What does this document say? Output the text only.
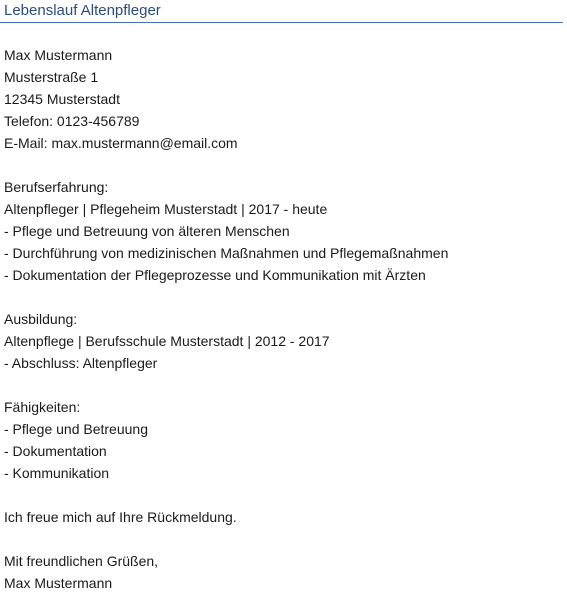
Lebenslauf Altenpfleger
Max Mustermann
Musterstraße 1
12345 Musterstadt
Telefon: 0123-456789
E-Mail: max.mustermann@email.com
Berufserfahrung:
Altenpfleger | Pflegeheim Musterstadt | 2017 - heute
- Pflege und Betreuung von älteren Menschen
- Durchführung von medizinischen Maßnahmen und Pflegemaßnahmen
- Dokumentation der Pflegeprozesse und Kommunikation mit Ärzten
Ausbildung:
Altenpflege | Berufsschule Musterstadt | 2012 - 2017
- Abschluss: Altenpfleger
Fähigkeiten:
- Pflege und Betreuung
- Dokumentation
- Kommunikation
Ich freue mich auf Ihre Rückmeldung.
Mit freundlichen Grüßen,
Max Mustermann
